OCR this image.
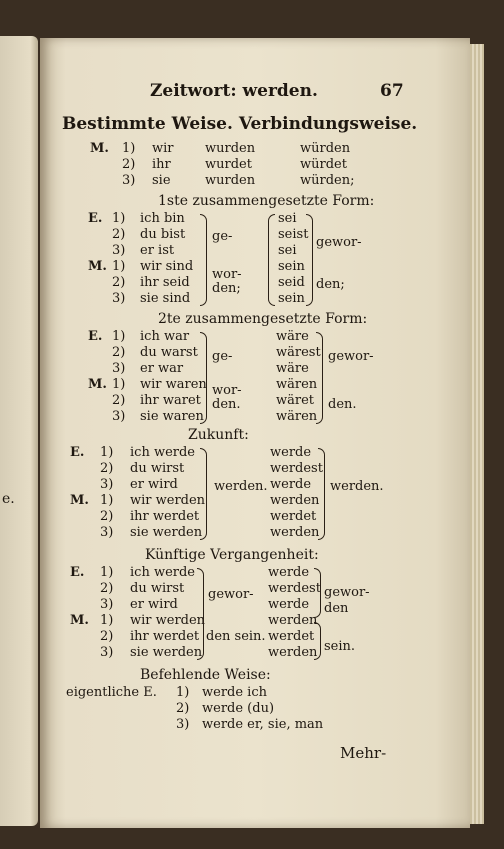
e.
Zeitwort: werden.	67
Bestimmte Weise. Verbindungsweise.
M. 1) wir wurden	würden
2) ihr	wurdet	würdet
3) sie	wurden	würden;
1ste zusammengesetzte Form:
E. 1) ich bin	sei
2) du bist	seist
3) er ist	sei
M. 1) wir sind	sein
2) ihr seid	seid
3) sie sind	sein
ge-
wor-
den;
gewor-
den;
2te zusammengesetzte Form:
E. 1) ich war	wäre
2) du warst	wärest
3) er war	wäre
M. 1) wir waren	wären
2) ihr waret	wäret
3) sie waren	wären
ge-
wor-
den.
gewor-
den.
Zukunft:
E. 1) ich werde	werde
2) du wirst	werdest
3) er wird	werde
M. 1) wir werden	werden
2) ihr werdet	werdet
3) sie werden	werden
werden.	werden.
Künftige Vergangenheit:
E. 1) ich werde	werde
2) du wirst	werdest
3) er wird	werde
M. 1) wir werden	werden
2) ihr werdet	werdet
3) sie werden	werden
gewor-
den sein.
gewor-
den
sein.
Befehlende Weise:
eigentliche E. 1) werde ich
2) werde (du)
3) werde er, sie, man
Mehr-
